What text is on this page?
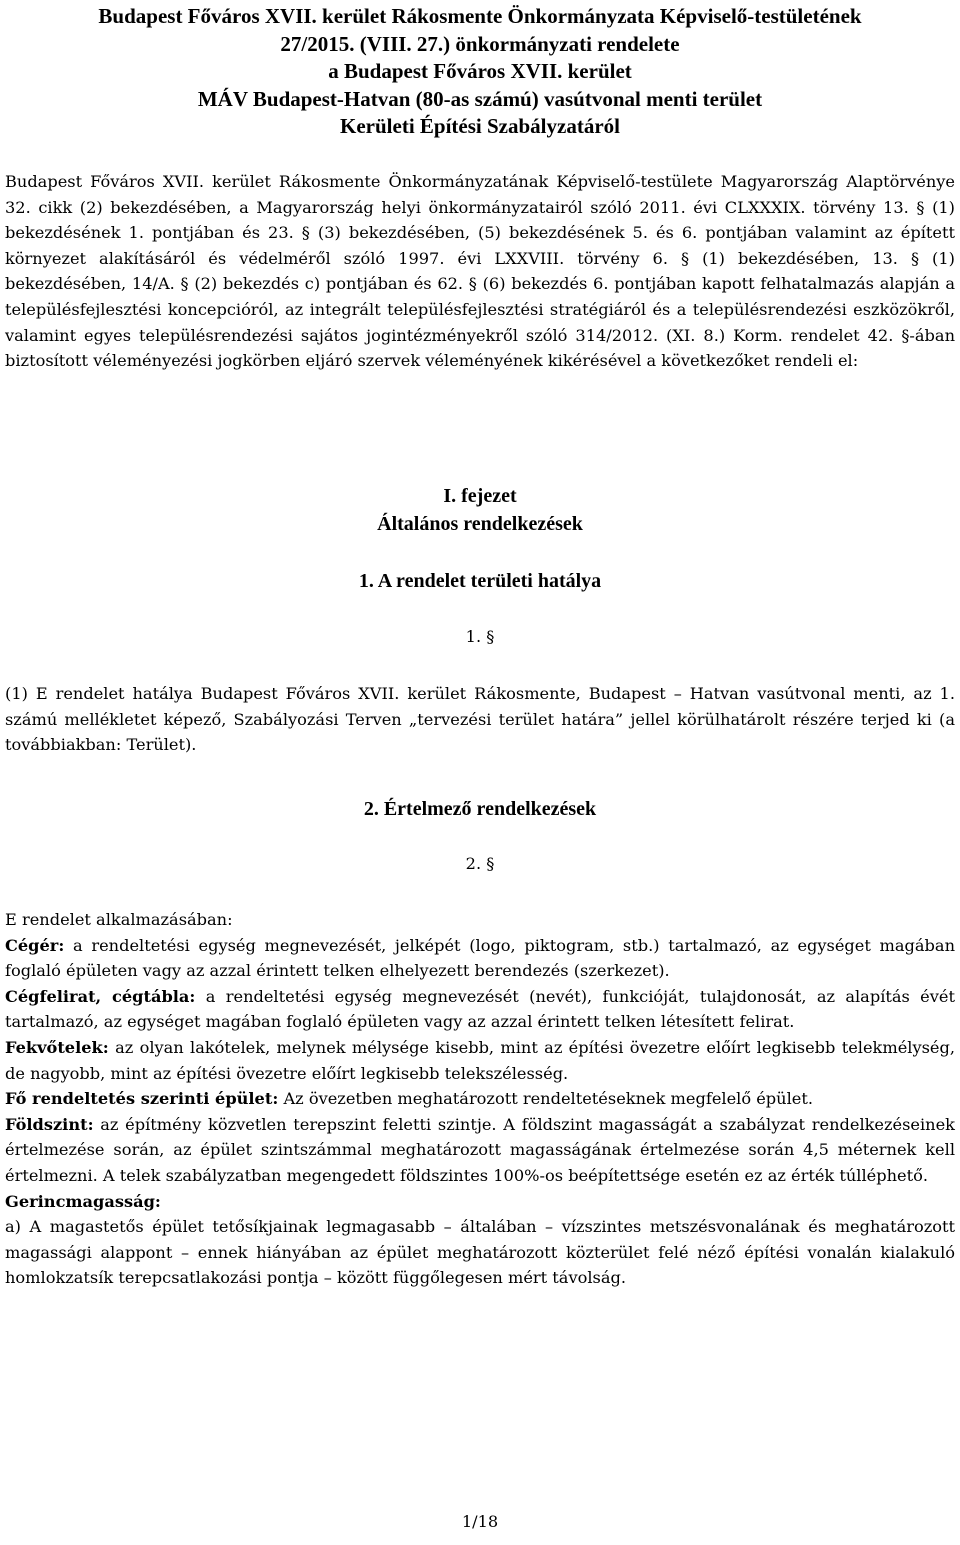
Budapest Főváros XVII. kerület Rákosmente Önkormányzata Képviselő-testületének
27/2015. (VIII. 27.) önkormányzati rendelete
a Budapest Főváros XVII. kerület
MÁV Budapest-Hatvan (80-as számú) vasútvonal menti terület
Kerületi Építési Szabályzatáról
Budapest Főváros XVII. kerület Rákosmente Önkormányzatának Képviselő-testülete Magyarország Alaptörvénye 32. cikk (2) bekezdésében, a Magyarország helyi önkormányzatairól szóló 2011. évi CLXXXIX. törvény 13. § (1) bekezdésének 1. pontjában és 23. § (3) bekezdésében, (5) bekezdésének 5. és 6. pontjában valamint az épített környezet alakításáról és védelméről szóló 1997. évi LXXVIII. törvény 6. § (1) bekezdésében, 13. § (1) bekezdésében, 14/A. § (2) bekezdés c) pontjában és 62. § (6) bekezdés 6. pontjában kapott felhatalmazás alapján a településfejlesztési koncepcióról, az integrált településfejlesztési stratégiáról és a településrendezési eszközökről, valamint egyes településrendezési sajátos jogintézményekről szóló 314/2012. (XI. 8.) Korm. rendelet 42. §-ában biztosított véleményezési jogkörben eljáró szervek véleményének kikérésével a következőket rendeli el:
I. fejezet
Általános rendelkezések
1. A rendelet területi hatálya
1. §
(1) E rendelet hatálya Budapest Főváros XVII. kerület Rákosmente, Budapest – Hatvan vasútvonal menti, az 1. számú mellékletet képező, Szabályozási Terven „tervezési terület határa” jellel körülhatárolt részére terjed ki (a továbbiakban: Terület).
2. Értelmező rendelkezések
2. §
E rendelet alkalmazásában:
Cégér: a rendeltetési egység megnevezését, jelképét (logo, piktogram, stb.) tartalmazó, az egységet magában foglaló épületen vagy az azzal érintett telken elhelyezett berendezés (szerkezet).
Cégfelirat, cégtábla: a rendeltetési egység megnevezését (nevét), funkcióját, tulajdonosát, az alapítás évét tartalmazó, az egységet magában foglaló épületen vagy az azzal érintett telken létesített felirat.
Fekvőtelek: az olyan lakótelek, melynek mélysége kisebb, mint az építési övezetre előírt legkisebb telekmélység, de nagyobb, mint az építési övezetre előírt legkisebb telekszélesség.
Fő rendeltetés szerinti épület: Az övezetben meghatározott rendeltetéseknek megfelelő épület.
Földszint: az építmény közvetlen terepszint feletti szintje. A földszint magasságát a szabályzat rendelkezéseinek értelmezése során, az épület szintszámmal meghatározott magasságának értelmezése során 4,5 méternek kell értelmezni. A telek szabályzatban megengedett földszintes 100%-os beépítettsége esetén ez az érték túlléphető.
Gerincmagasság:
a) A magastetős épület tetősíkjainak legmagasabb – általában – vízszintes metszésvonalának és meghatározott magassági alappont – ennek hiányában az épület meghatározott közterület felé néző építési vonalán kialakuló homlokzatsík terepcsatlakozási pontja – között függőlegesen mért távolság.
1/18
